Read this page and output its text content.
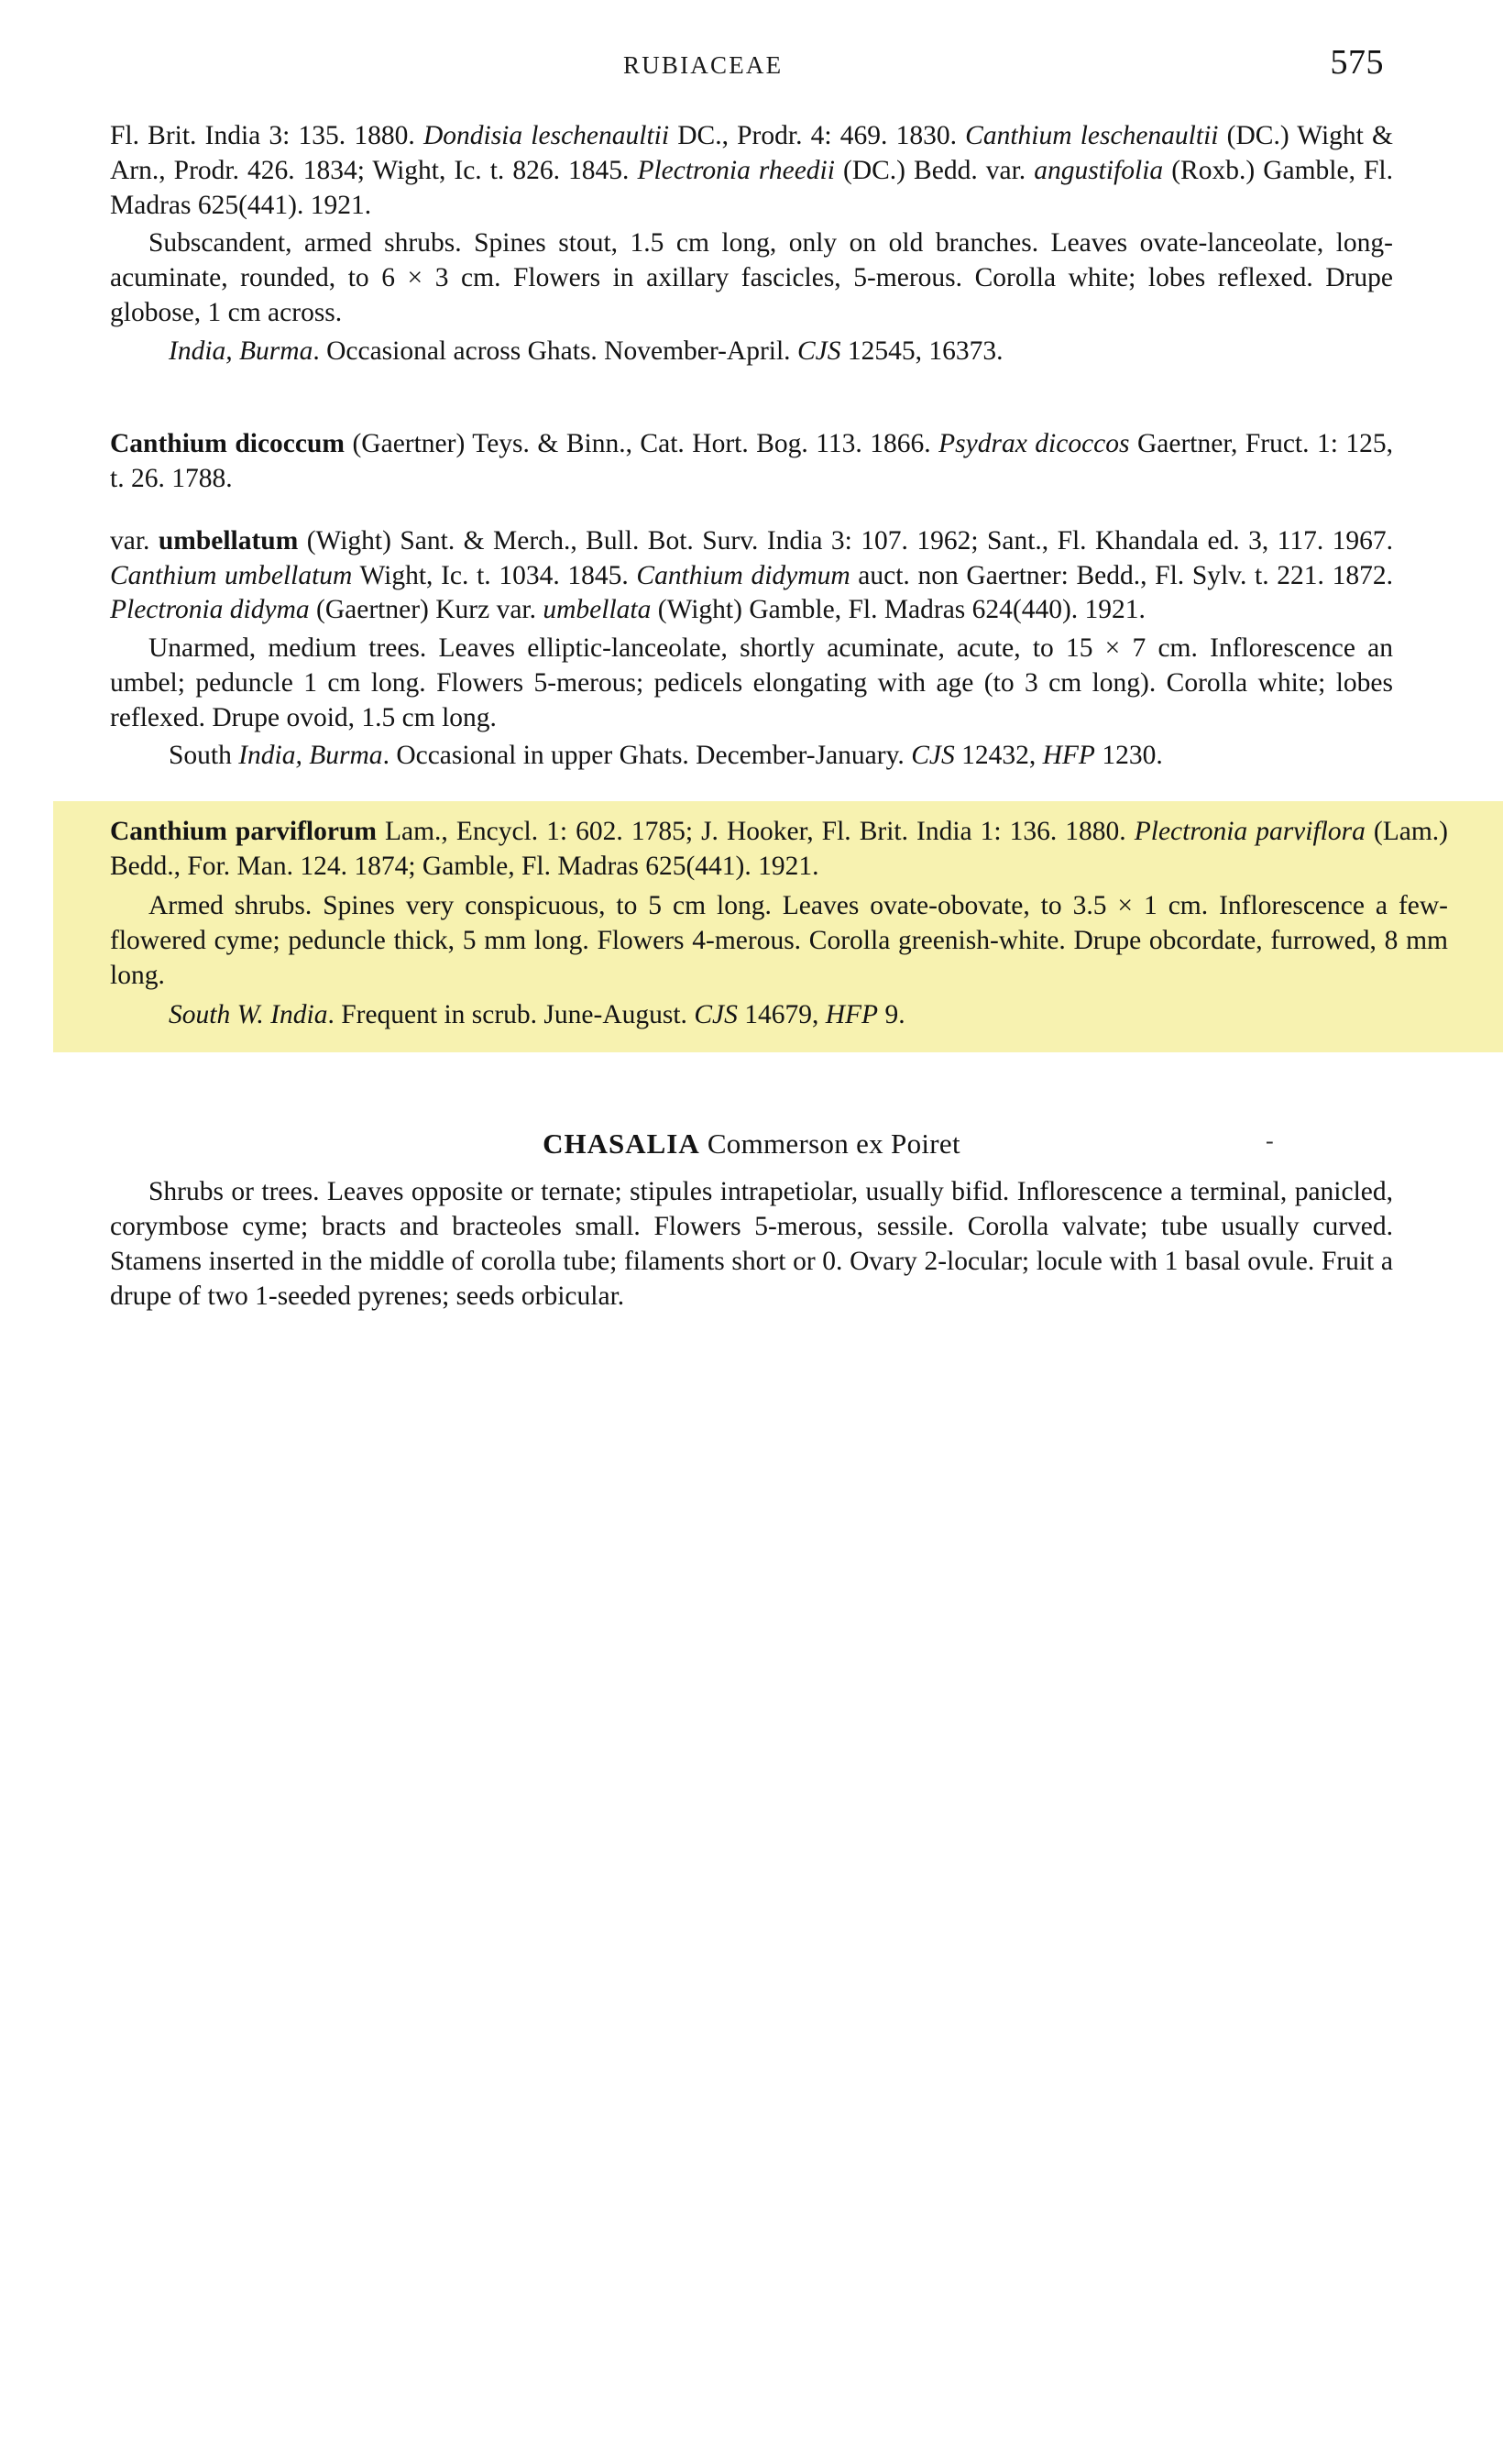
RUBIACEAE	575

Fl. Brit. India 3: 135. 1880. Dondisia leschenaultii DC., Prodr. 4: 469. 1830. Canthium leschenaultii (DC.) Wight & Arn., Prodr. 426. 1834; Wight, Ic. t. 826. 1845. Plectronia rheedii (DC.) Bedd. var. angustifolia (Roxb.) Gamble, Fl. Madras 625(441). 1921.

Subscandent, armed shrubs. Spines stout, 1.5 cm long, only on old branches. Leaves ovate-lanceolate, long-acuminate, rounded, to 6 × 3 cm. Flowers in axillary fascicles, 5-merous. Corolla white; lobes reflexed. Drupe globose, 1 cm across.

India, Burma. Occasional across Ghats. November-April. CJS 12545, 16373.

Canthium dicoccum (Gaertner) Teys. & Binn., Cat. Hort. Bog. 113. 1866. Psydrax dicoccos Gaertner, Fruct. 1: 125, t. 26. 1788.

var. umbellatum (Wight) Sant. & Merch., Bull. Bot. Surv. India 3: 107. 1962; Sant., Fl. Khandala ed. 3, 117. 1967. Canthium umbellatum Wight, Ic. t. 1034. 1845. Canthium didymum auct. non Gaertner: Bedd., Fl. Sylv. t. 221. 1872. Plectronia didyma (Gaertner) Kurz var. umbellata (Wight) Gamble, Fl. Madras 624(440). 1921.

Unarmed, medium trees. Leaves elliptic-lanceolate, shortly acuminate, acute, to 15 × 7 cm. Inflorescence an umbel; peduncle 1 cm long. Flowers 5-merous; pedicels elongating with age (to 3 cm long). Corolla white; lobes reflexed. Drupe ovoid, 1.5 cm long.

South India, Burma. Occasional in upper Ghats. December-January. CJS 12432, HFP 1230.

Canthium parviflorum Lam., Encycl. 1: 602. 1785; J. Hooker, Fl. Brit. India 1: 136. 1880. Plectronia parviflora (Lam.) Bedd., For. Man. 124. 1874; Gamble, Fl. Madras 625(441). 1921.

Armed shrubs. Spines very conspicuous, to 5 cm long. Leaves ovate-obovate, to 3.5 × 1 cm. Inflorescence a few-flowered cyme; peduncle thick, 5 mm long. Flowers 4-merous. Corolla greenish-white. Drupe obcordate, furrowed, 8 mm long.

South W. India. Frequent in scrub. June-August. CJS 14679, HFP 9.

CHASALIA Commerson ex Poiret	-

Shrubs or trees. Leaves opposite or ternate; stipules intrapetiolar, usually bifid. Inflorescence a terminal, panicled, corymbose cyme; bracts and bracteoles small. Flowers 5-merous, sessile. Corolla valvate; tube usually curved. Stamens inserted in the middle of corolla tube; filaments short or 0. Ovary 2-locular; locule with 1 basal ovule. Fruit a drupe of two 1-seeded pyrenes; seeds orbicular.
